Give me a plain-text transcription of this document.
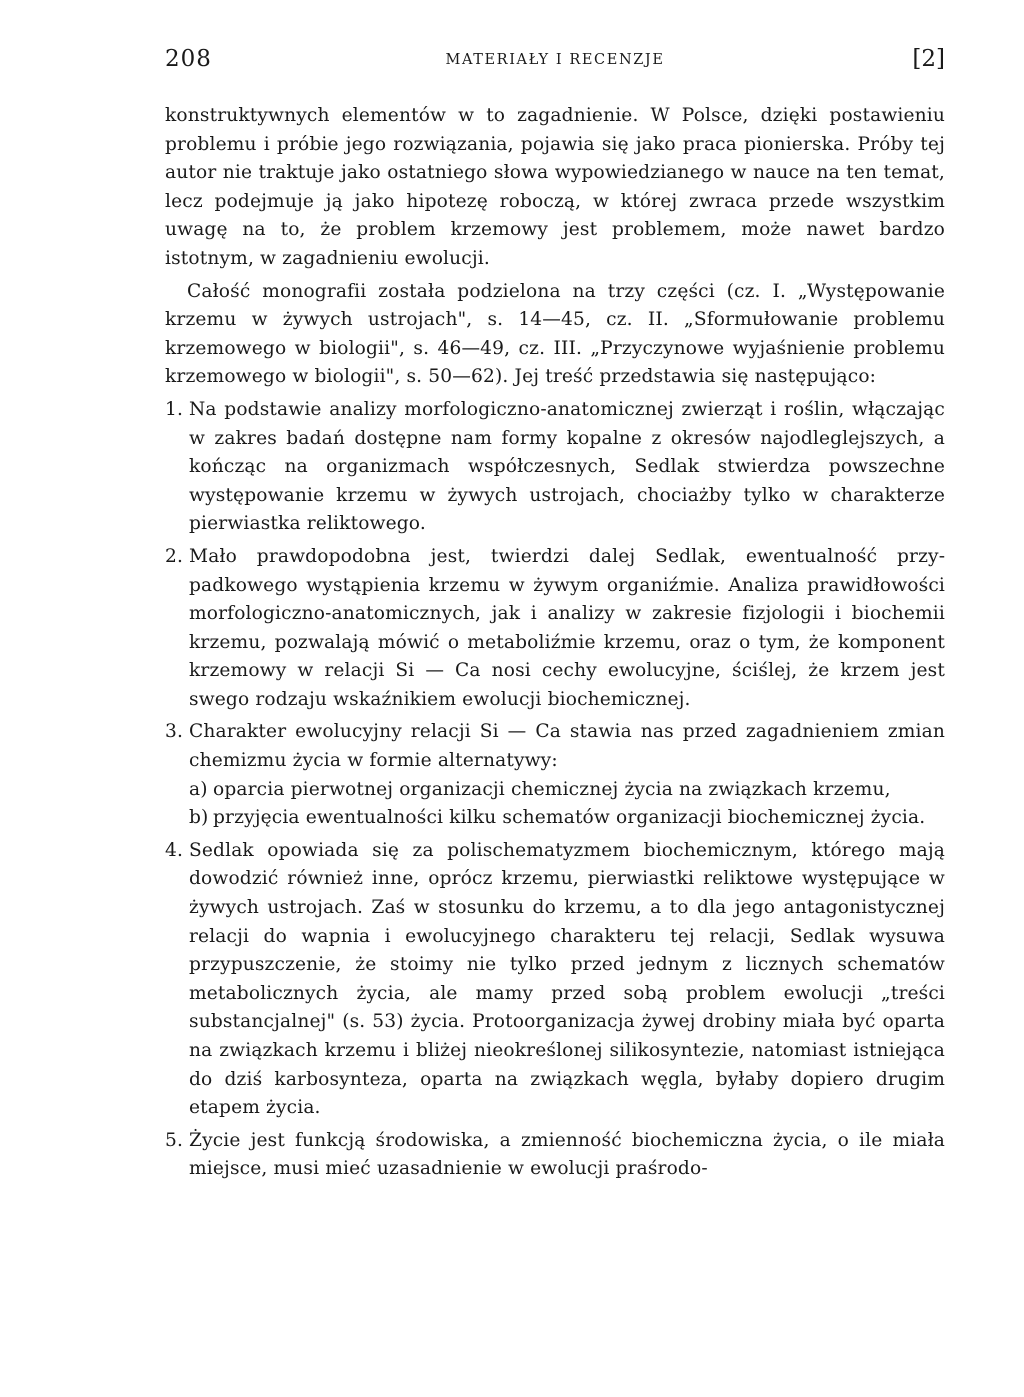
208	MATERIAŁY I RECENZJE	[2]

konstruktywnych elementów w to zagadnienie. W Polsce, dzięki postawieniu problemu i próbie jego rozwiązania, pojawia się jako praca pionierska. Próby tej autor nie traktuje jako ostatniego słowa wypowiedzianego w nauce na ten temat, lecz podejmuje ją jako hipotezę roboczą, w której zwraca przede wszystkim uwagę na to, że problem krzemowy jest problemem, może nawet bardzo istotnym, w zagadnieniu ewolucji.

Całość monografii została podzielona na trzy części (cz. I. „Występowanie krzemu w żywych ustrojach", s. 14—45, cz. II. „Sformułowanie problemu krzemowego w biologii", s. 46—49, cz. III. „Przyczynowe wyjaśnienie problemu krzemowego w biologii", s. 50—62). Jej treść przedstawia się następująco:

1. Na podstawie analizy morfologiczno-anatomicznej zwierząt i roślin, włączając w zakres badań dostępne nam formy kopalne z okresów najodleglejszych, a kończąc na organizmach współczesnych, Sedlak stwierdza powszechne występowanie krzemu w żywych ustrojach, chociażby tylko w charakterze pierwiastka reliktowego.
2. Mało prawdopodobna jest, twierdzi dalej Sedlak, ewentualność przypadkowego wystąpienia krzemu w żywym organiźmie. Analiza prawidłowości morfologiczno-anatomicznych, jak i analizy w zakresie fizjologii i biochemii krzemu, pozwalają mówić o metaboliźmie krzemu, oraz o tym, że komponent krzemowy w relacji Si — Ca nosi cechy ewolucyjne, ściślej, że krzem jest swego rodzaju wskaźnikiem ewolucji biochemicznej.
3. Charakter ewolucyjny relacji Si — Ca stawia nas przed zagadnieniem zmian chemizmu życia w formie alternatywy:
a) oparcia pierwotnej organizacji chemicznej życia na związkach krzemu,
b) przyjęcia ewentualności kilku schematów organizacji biochemicznej życia.
4. Sedlak opowiada się za polischematyzmem biochemicznym, którego mają dowodzić również inne, oprócz krzemu, pierwiastki reliktowe występujące w żywych ustrojach. Zaś w stosunku do krzemu, a to dla jego antagonistycznej relacji do wapnia i ewolucyjnego charakteru tej relacji, Sedlak wysuwa przypuszczenie, że stoimy nie tylko przed jednym z licznych schematów metabolicznych życia, ale mamy przed sobą problem ewolucji „treści substancjalnej" (s. 53) życia. Protoorganizacja żywej drobiny miała być oparta na związkach krzemu i bliżej nieokreślonej silikosyntezie, natomiast istniejąca do dziś karbosynteza, oparta na związkach węgla, byłaby dopiero drugim etapem życia.
5. Życie jest funkcją środowiska, a zmienność biochemiczna życia, o ile miała miejsce, musi mieć uzasadnienie w ewolucji praśrodo-
